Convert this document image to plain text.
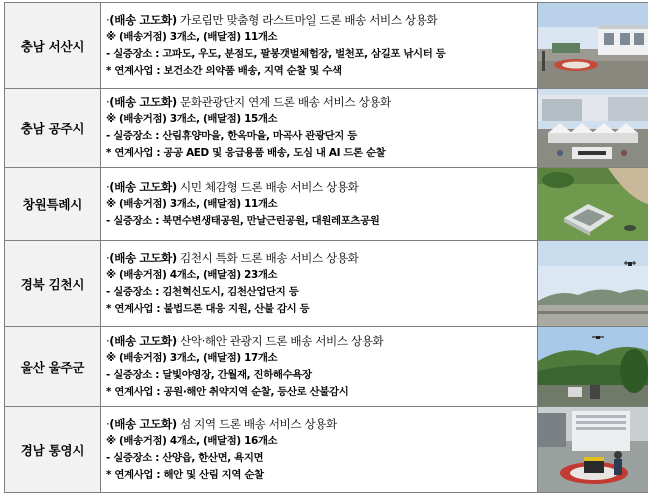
충남 서산시	·(배송 고도화) 가로림만 맞춤형 라스트마일 드론 배송 서비스 상용화
※ (배송거점) 3개소, (배달점) 11개소
- 실증장소 : 고파도, 우도, 분점도, 팔봉갯벌체험장, 벌천포, 삼길포 낚시터 등
* 연계사업 : 보건소간 의약품 배송, 지역 순찰 및 수색

충남 공주시	·(배송 고도화) 문화관광단지 연계 드론 배송 서비스 상용화
※ (배송거점) 3개소, (배달점) 15개소
- 실증장소 : 산림휴양마을, 한옥마을, 마곡사 관광단지 등
* 연계사업 : 공공 AED 및 응급용품 배송, 도심 내 AI 드론 순찰

창원특례시	·(배송 고도화) 시민 체감형 드론 배송 서비스 상용화
※ (배송거점) 3개소, (배달점) 11개소
- 실증장소 : 북면수변생태공원, 만날근린공원, 대원레포츠공원

경북 김천시	·(배송 고도화) 김천시 특화 드론 배송 서비스 상용화
※ (배송거점) 4개소, (배달점) 23개소
- 실증장소 : 김천혁신도시, 김천산업단지 등
* 연계사업 : 불법드론 대응 지원, 산불 감시 등

울산 울주군	·(배송 고도화) 산악·해안 관광지 드론 배송 서비스 상용화
※ (배송거점) 3개소, (배달점) 17개소
- 실증장소 : 달빛야영장, 간월재, 진하해수욕장
* 연계사업 : 공원·해안 취약지역 순찰, 등산로 산불감시

경남 통영시	·(배송 고도화) 섬 지역 드론 배송 서비스 상용화
※ (배송거점) 4개소, (배달점) 16개소
- 실증장소 : 산양읍, 한산면, 욕지면
* 연계사업 : 해안 및 산림 지역 순찰
